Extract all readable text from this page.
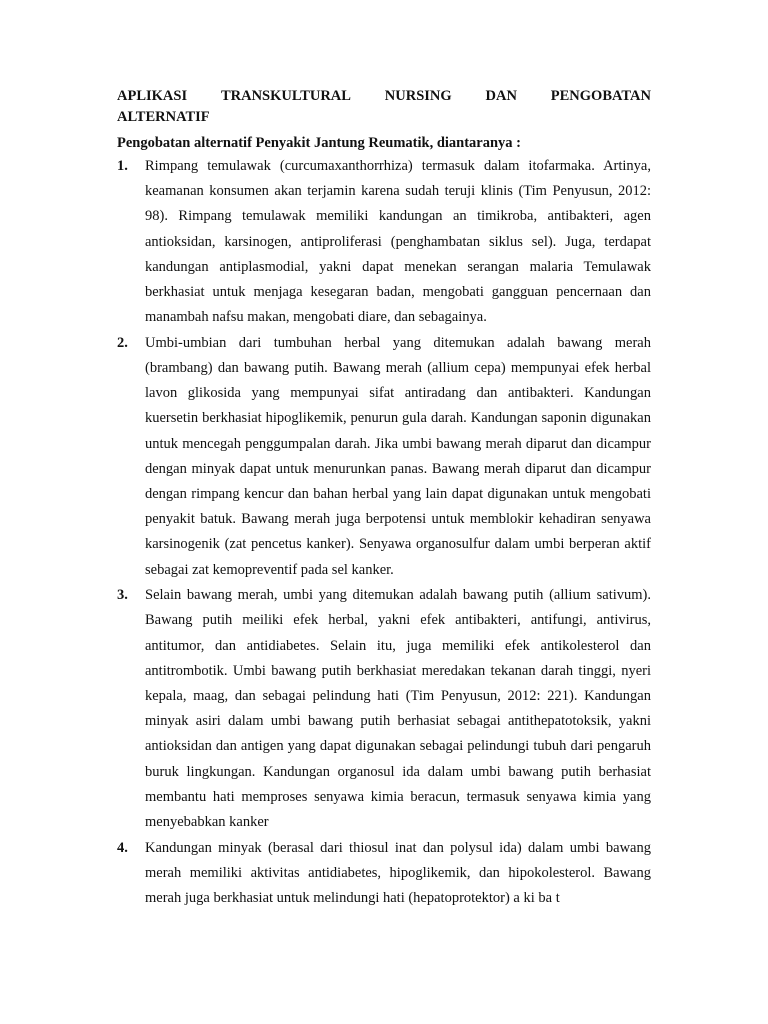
APLIKASI TRANSKULTURAL NURSING DAN PENGOBATAN
ALTERNATIF
Pengobatan alternatif Penyakit Jantung Reumatik, diantaranya :
1. Rimpang temulawak (curcumaxanthorrhiza) termasuk dalam itofarmaka. Artinya, keamanan konsumen akan terjamin karena sudah teruji klinis (Tim Penyusun, 2012: 98). Rimpang temulawak memiliki kandungan an timikroba, antibakteri, agen antioksidan, karsinogen, antiproliferasi (penghambatan siklus sel). Juga, terdapat kandungan antiplasmodial, yakni dapat menekan serangan malaria Temulawak berkhasiat untuk menjaga kesegaran badan, mengobati gangguan pencernaan dan manambah nafsu makan, mengobati diare, dan sebagainya.
2. Umbi-umbian dari tumbuhan herbal yang ditemukan adalah bawang merah (brambang) dan bawang putih. Bawang merah (allium cepa) mempunyai efek herbal lavon glikosida yang mempunyai sifat antiradang dan antibakteri. Kandungan kuersetin berkhasiat hipoglikemik, penurun gula darah. Kandungan saponin digunakan untuk mencegah penggumpalan darah. Jika umbi bawang merah diparut dan dicampur dengan minyak dapat untuk menurunkan panas. Bawang merah diparut dan dicampur dengan rimpang kencur dan bahan herbal yang lain dapat digunakan untuk mengobati penyakit batuk. Bawang merah juga berpotensi untuk memblokir kehadiran senyawa karsinogenik (zat pencetus kanker). Senyawa organosulfur dalam umbi berperan aktif sebagai zat kemopreventif pada sel kanker.
3. Selain bawang merah, umbi yang ditemukan adalah bawang putih (allium sativum). Bawang putih meiliki efek herbal, yakni efek antibakteri, antifungi, antivirus, antitumor, dan antidiabetes. Selain itu, juga memiliki efek antikolesterol dan antitrombotik. Umbi bawang putih berkhasiat meredakan tekanan darah tinggi, nyeri kepala, maag, dan sebagai pelindung hati (Tim Penyusun, 2012: 221). Kandungan minyak asiri dalam umbi bawang putih berhasiat sebagai antithepatotoksik, yakni antioksidan dan antigen yang dapat digunakan sebagai pelindungi tubuh dari pengaruh buruk lingkungan. Kandungan organosul ida dalam umbi bawang putih berhasiat membantu hati memproses senyawa kimia beracun, termasuk senyawa kimia yang menyebabkan kanker
4. Kandungan minyak (berasal dari thiosul inat dan polysul ida) dalam umbi bawang merah memiliki aktivitas antidiabetes, hipoglikemik, dan hipokolesterol. Bawang merah juga berkhasiat untuk melindungi hati (hepatoprotektor) a ki ba t
